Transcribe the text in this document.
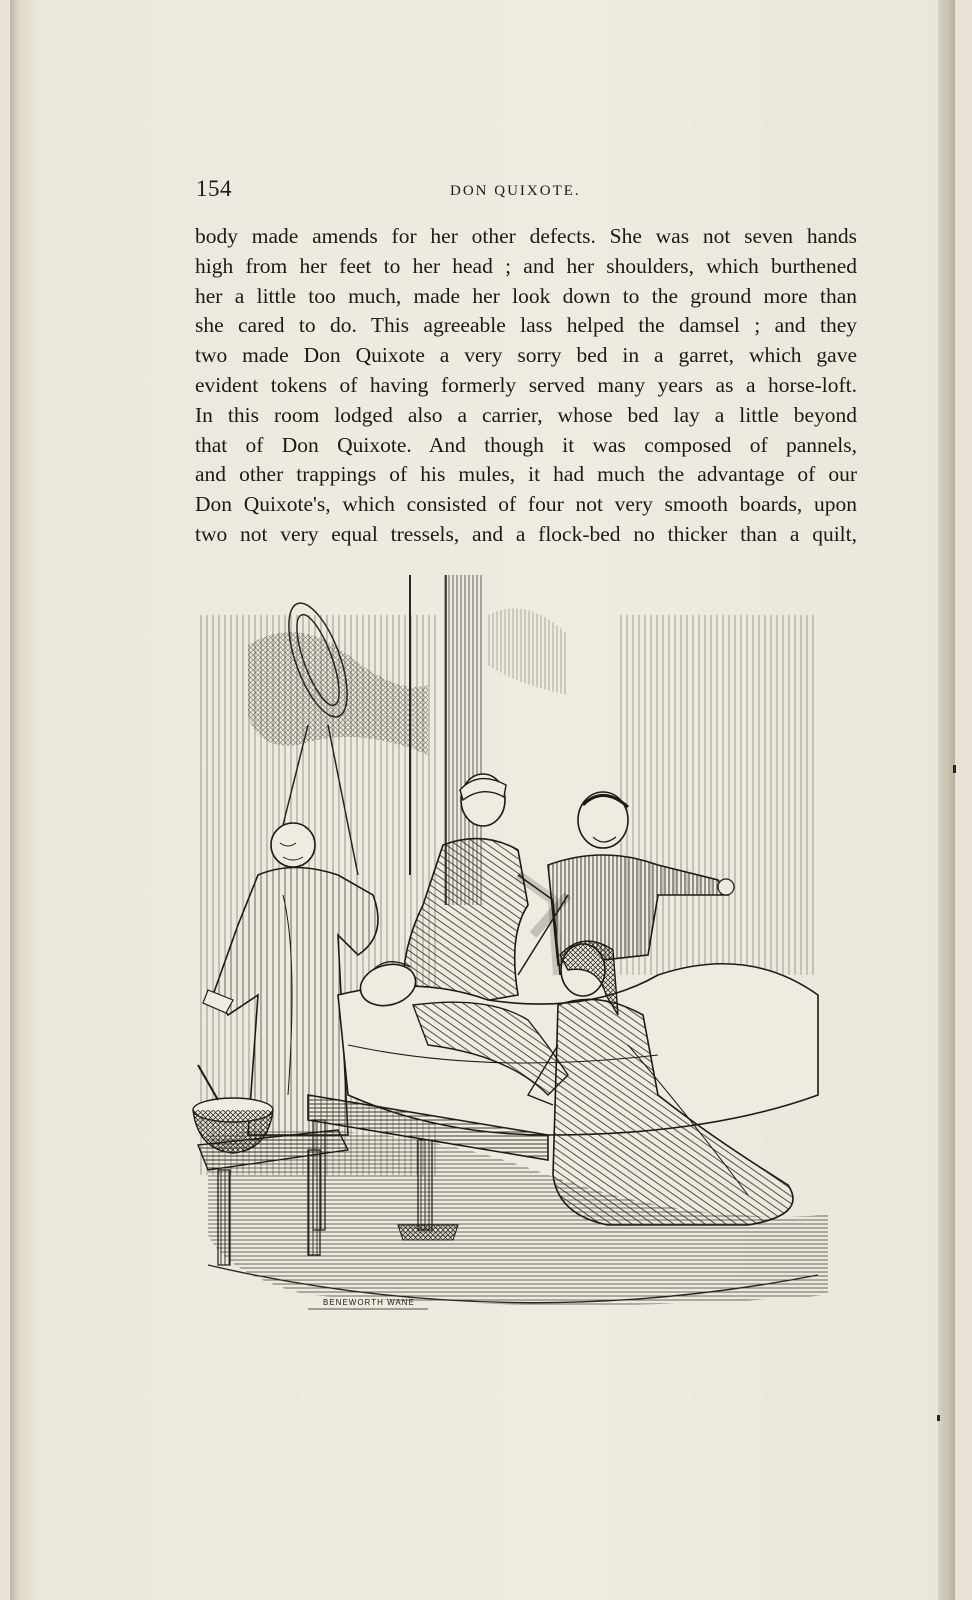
154	DON QUIXOTE.
body made amends for her other defects. She was not seven hands
high from her feet to her head ; and her shoulders, which burthened
her a little too much, made her look down to the ground more than
she cared to do. This agreeable lass helped the damsel ; and they
two made Don Quixote a very sorry bed in a garret, which gave
evident tokens of having formerly served many years as a horse-loft.
In this room lodged also a carrier, whose bed lay a little beyond
that of Don Quixote. And though it was composed of pannels,
and other trappings of his mules, it had much the advantage of our
Don Quixote's, which consisted of four not very smooth boards, upon
two not very equal tressels, and a flock-bed no thicker than a quilt,
BENEWORTH WANE
